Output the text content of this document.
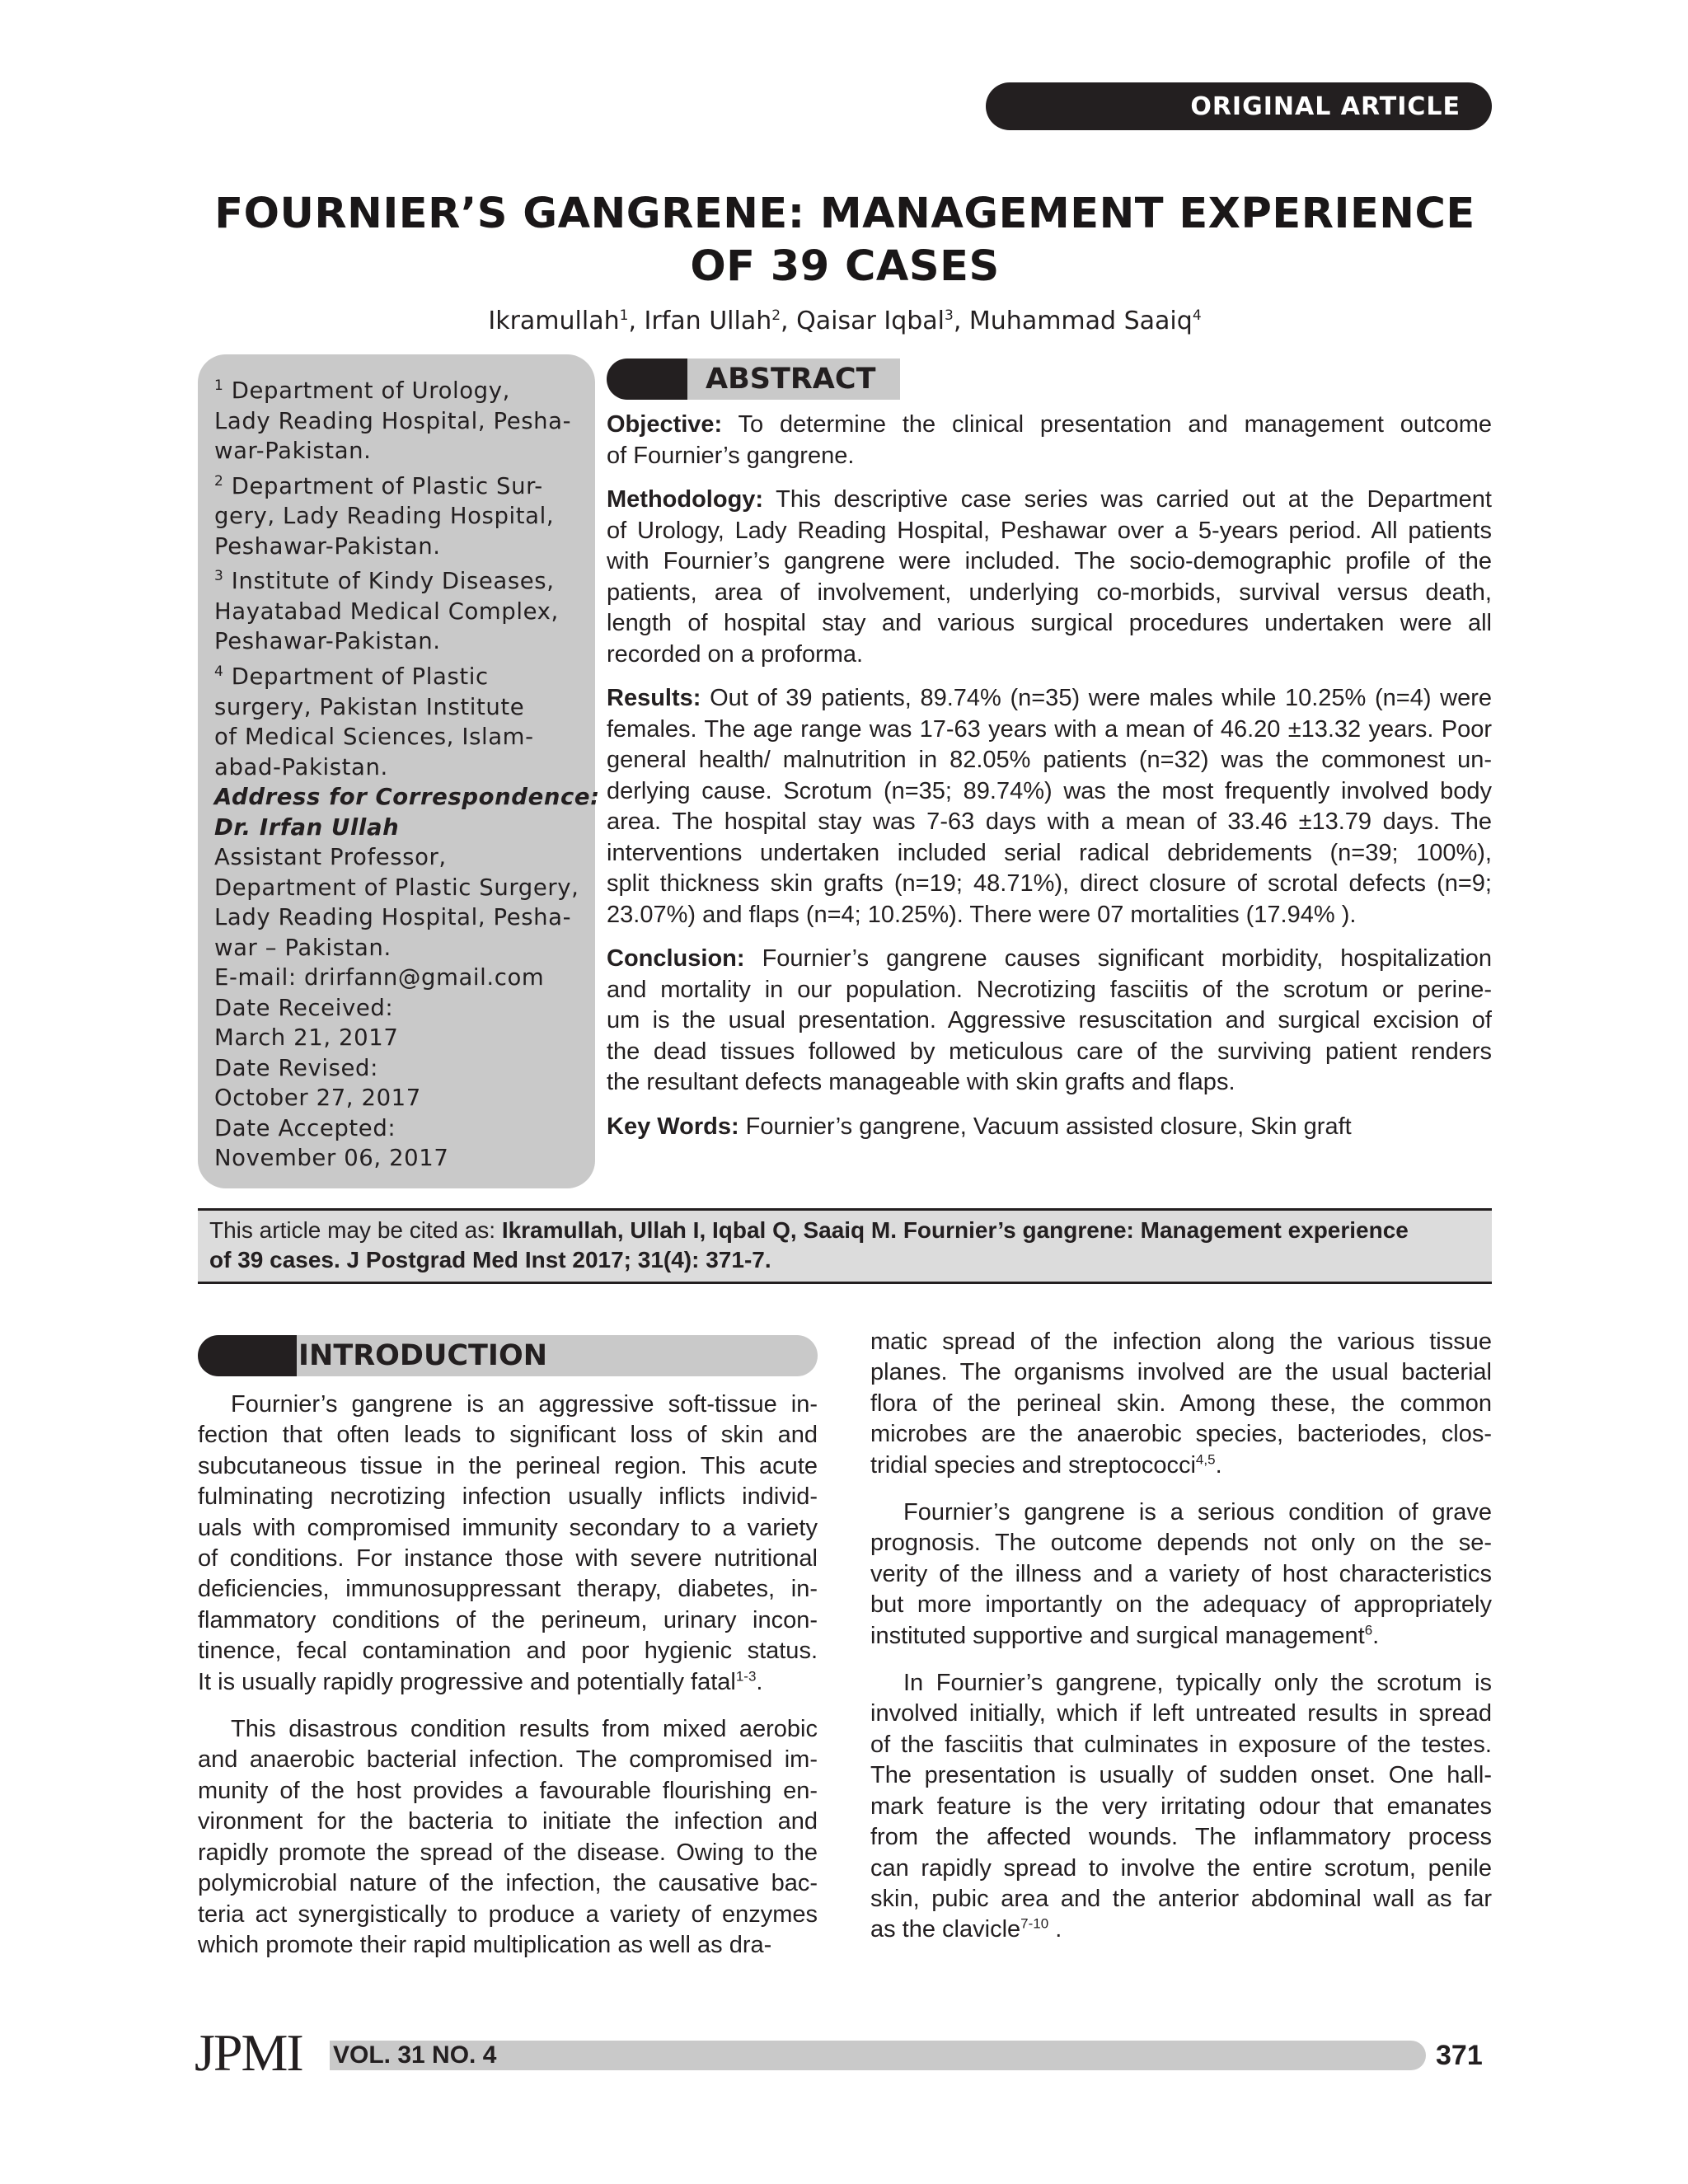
ORIGINAL ARTICLE
FOURNIER’S GANGRENE: MANAGEMENT EXPERIENCE
OF 39 CASES
Ikramullah$^1$, Irfan Ullah$^2$, Qaisar Iqbal$^3$, Muhammad Saaiq$^4$
$^1$ Department of Urology,
Lady Reading Hospital, Pesha-
war-Pakistan.
$^2$ Department of Plastic Sur-
gery, Lady Reading Hospital,
Peshawar-Pakistan.
$^3$ Institute of Kindy Diseases,
Hayatabad Medical Complex,
Peshawar-Pakistan.
$^4$ Department of Plastic
surgery, Pakistan Institute
of Medical Sciences, Islam-
abad-Pakistan.
Address for Correspondence:
Dr. Irfan Ullah
Assistant Professor,
Department of Plastic Surgery,
Lady Reading Hospital, Pesha-
war – Pakistan.
E-mail: drirfann@gmail.com
Date Received:
March 21, 2017
Date Revised:
October 27, 2017
Date Accepted:
November 06, 2017
ABSTRACT
Objective: To determine the clinical presentation and management outcome
of Fournier’s gangrene.
Methodology: This descriptive case series was carried out at the Department
of Urology, Lady Reading Hospital, Peshawar over a 5-years period. All patients
with Fournier’s gangrene were included. The socio-demographic profile of the
patients, area of involvement, underlying co-morbids, survival versus death,
length of hospital stay and various surgical procedures undertaken were all
recorded on a proforma.
Results: Out of 39 patients, 89.74% (n=35) were males while 10.25% (n=4) were
females. The age range was 17-63 years with a mean of 46.20 ±13.32 years. Poor
general health/ malnutrition in 82.05% patients (n=32) was the commonest un-
derlying cause. Scrotum (n=35; 89.74%) was the most frequently involved body
area. The hospital stay was 7-63 days with a mean of 33.46 ±13.79 days. The
interventions undertaken included serial radical debridements (n=39; 100%),
split thickness skin grafts (n=19; 48.71%), direct closure of scrotal defects (n=9;
23.07%) and flaps (n=4; 10.25%). There were 07 mortalities (17.94% ).
Conclusion: Fournier’s gangrene causes significant morbidity, hospitalization
and mortality in our population. Necrotizing fasciitis of the scrotum or perine-
um is the usual presentation. Aggressive resuscitation and surgical excision of
the dead tissues followed by meticulous care of the surviving patient renders
the resultant defects manageable with skin grafts and flaps.
Key Words: Fournier’s gangrene, Vacuum assisted closure, Skin graft
This article may be cited as: Ikramullah, Ullah I, Iqbal Q, Saaiq M. Fournier’s gangrene: Management experience
of 39 cases. J Postgrad Med Inst 2017; 31(4): 371-7.
INTRODUCTION
Fournier’s gangrene is an aggressive soft-tissue in-
fection that often leads to significant loss of skin and
subcutaneous tissue in the perineal region. This acute
fulminating necrotizing infection usually inflicts individ-
uals with compromised immunity secondary to a variety
of conditions. For instance those with severe nutritional
deficiencies, immunosuppressant therapy, diabetes, in-
flammatory conditions of the perineum, urinary incon-
tinence, fecal contamination and poor hygienic status.
It is usually rapidly progressive and potentially fatal$^{1-3}$.
This disastrous condition results from mixed aerobic
and anaerobic bacterial infection. The compromised im-
munity of the host provides a favourable flourishing en-
vironment for the bacteria to initiate the infection and
rapidly promote the spread of the disease. Owing to the
polymicrobial nature of the infection, the causative bac-
teria act synergistically to produce a variety of enzymes
which promote their rapid multiplication as well as dra-
matic spread of the infection along the various tissue
planes. The organisms involved are the usual bacterial
flora of the perineal skin. Among these, the common
microbes are the anaerobic species, bacteriodes, clos-
tridial species and streptococci$^{4,5}$.
Fournier’s gangrene is a serious condition of grave
prognosis. The outcome depends not only on the se-
verity of the illness and a variety of host characteristics
but more importantly on the adequacy of appropriately
instituted supportive and surgical management$^6$.
In Fournier’s gangrene, typically only the scrotum is
involved initially, which if left untreated results in spread
of the fasciitis that culminates in exposure of the testes.
The presentation is usually of sudden onset. One hall-
mark feature is the very irritating odour that emanates
from the affected wounds. The inflammatory process
can rapidly spread to involve the entire scrotum, penile
skin, pubic area and the anterior abdominal wall as far
as the clavicle$^{7-10}$ .
JPMI VOL. 31 NO. 4	371
